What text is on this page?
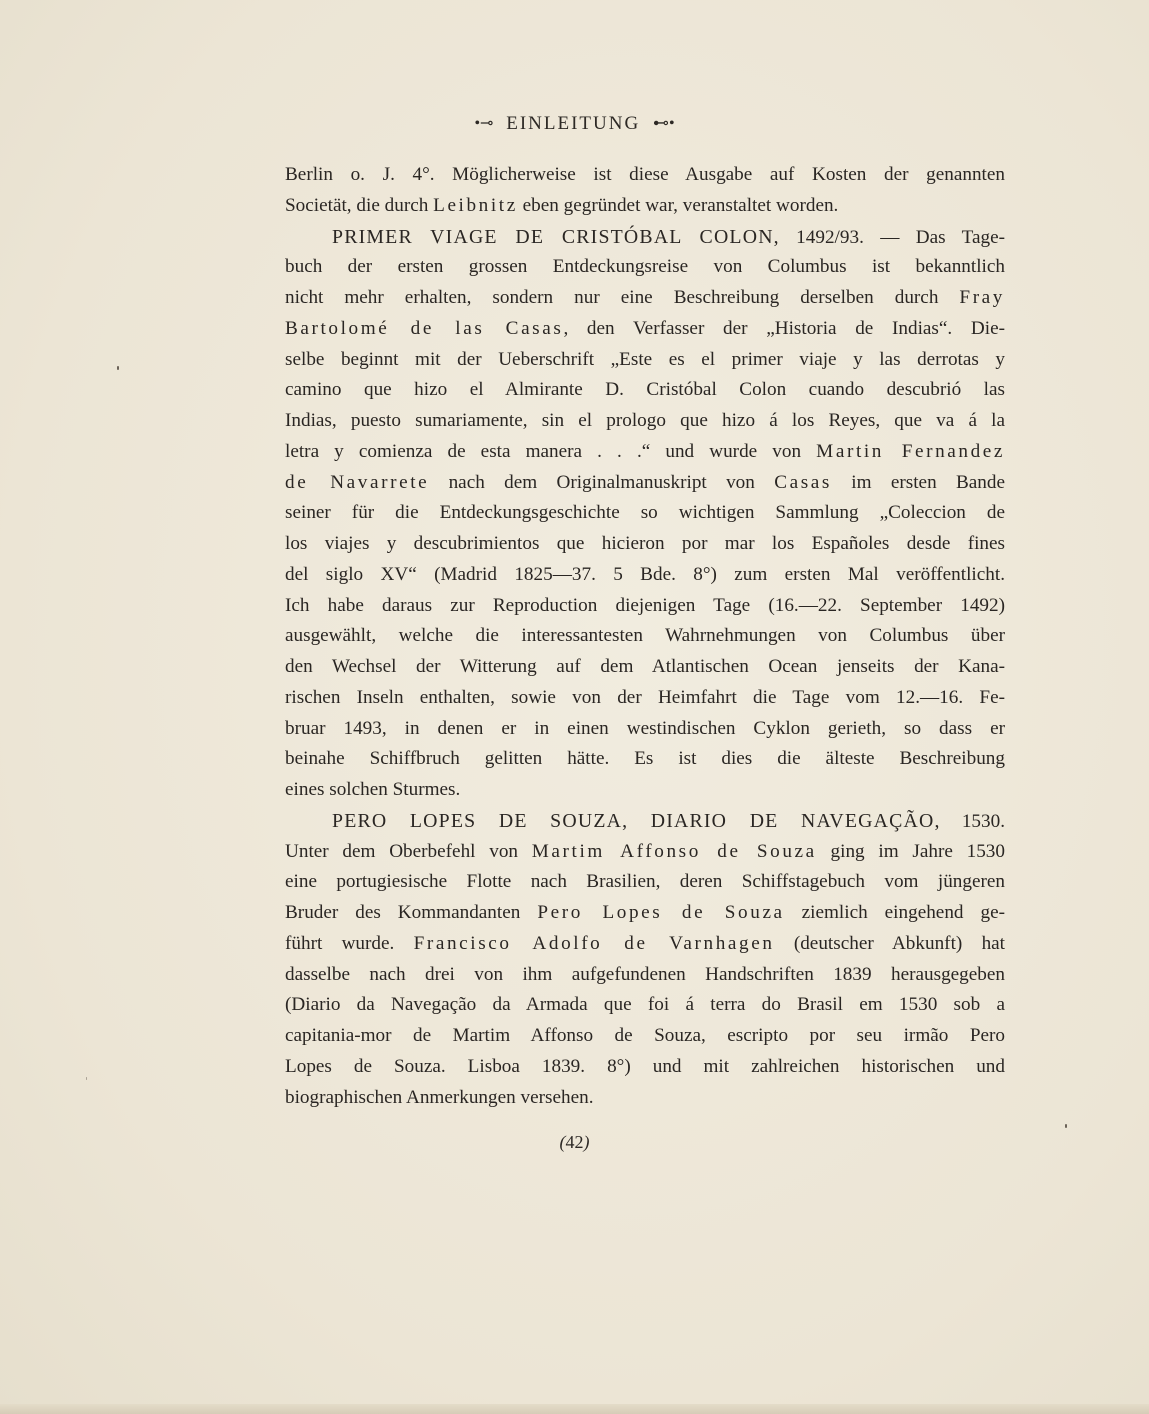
•⊸ EINLEITUNG ⊷•
Berlin o. J. 4°. Möglicherweise ist diese Ausgabe auf Kosten der genannten
Societät, die durch Leibnitz eben gegründet war, veranstaltet worden.
PRIMER VIAGE DE CRISTÓBAL COLON, 1492/93. — Das Tage-
buch der ersten grossen Entdeckungsreise von Columbus ist bekanntlich
nicht mehr erhalten, sondern nur eine Beschreibung derselben durch Fray
Bartolomé de las Casas, den Verfasser der „Historia de Indias“. Die-
selbe beginnt mit der Ueberschrift „Este es el primer viaje y las derrotas y
camino que hizo el Almirante D. Cristóbal Colon cuando descubrió las
Indias, puesto sumariamente, sin el prologo que hizo á los Reyes, que va á la
letra y comienza de esta manera . . .“ und wurde von Martin Fernandez
de Navarrete nach dem Originalmanuskript von Casas im ersten Bande
seiner für die Entdeckungsgeschichte so wichtigen Sammlung „Coleccion de
los viajes y descubrimientos que hicieron por mar los Españoles desde fines
del siglo XV“ (Madrid 1825—37. 5 Bde. 8°) zum ersten Mal veröffentlicht.
Ich habe daraus zur Reproduction diejenigen Tage (16.—22. September 1492)
ausgewählt, welche die interessantesten Wahrnehmungen von Columbus über
den Wechsel der Witterung auf dem Atlantischen Ocean jenseits der Kana-
rischen Inseln enthalten, sowie von der Heimfahrt die Tage vom 12.—16. Fe-
bruar 1493, in denen er in einen westindischen Cyklon gerieth, so dass er
beinahe Schiffbruch gelitten hätte. Es ist dies die älteste Beschreibung
eines solchen Sturmes.
PERO LOPES DE SOUZA, DIARIO DE NAVEGAÇÃO, 1530.
Unter dem Oberbefehl von Martim Affonso de Souza ging im Jahre 1530
eine portugiesische Flotte nach Brasilien, deren Schiffstagebuch vom jüngeren
Bruder des Kommandanten Pero Lopes de Souza ziemlich eingehend ge-
führt wurde. Francisco Adolfo de Varnhagen (deutscher Abkunft) hat
dasselbe nach drei von ihm aufgefundenen Handschriften 1839 herausgegeben
(Diario da Navegação da Armada que foi á terra do Brasil em 1530 sob a
capitania-mor de Martim Affonso de Souza, escripto por seu irmão Pero
Lopes de Souza. Lisboa 1839. 8°) und mit zahlreichen historischen und
biographischen Anmerkungen versehen.
(42)
